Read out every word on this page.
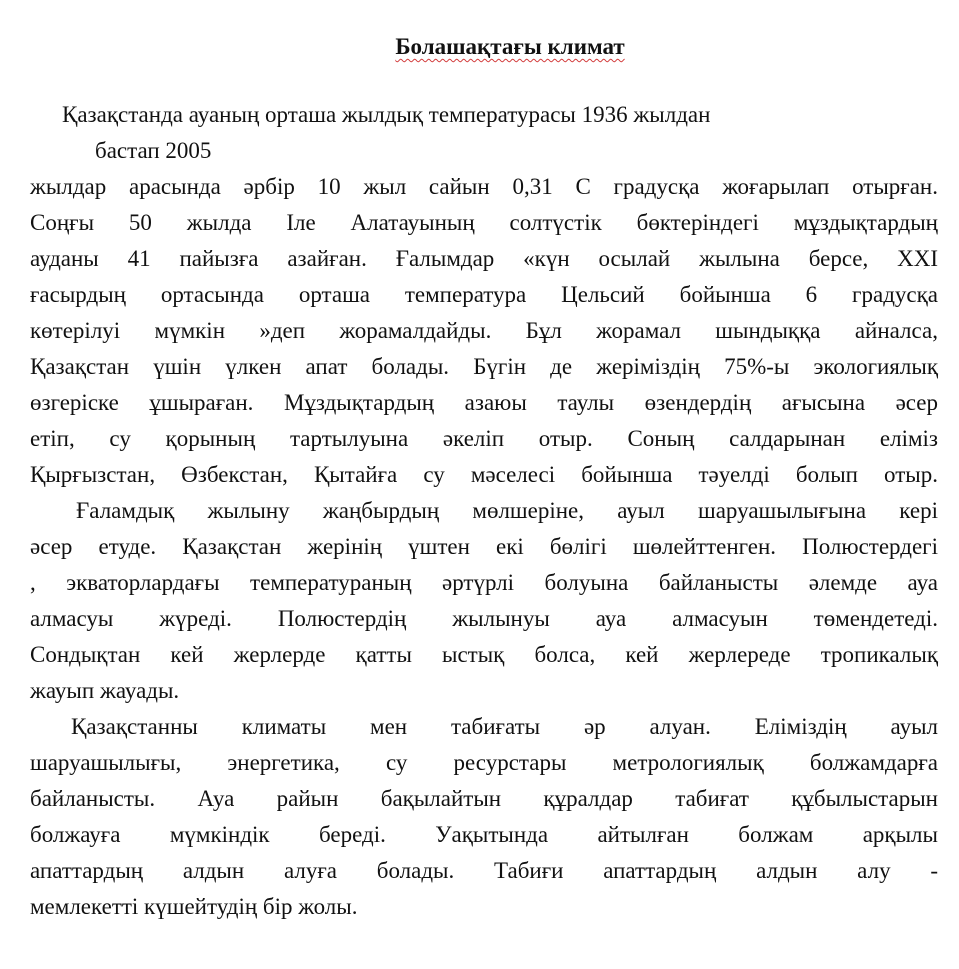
Болашақтағы климат
Қазақстанда ауаның орташа жылдық температурасы 1936 жылдан
бастап 2005
жылдар арасында әрбір 10 жыл сайын 0,31 С градусқа жоғарылап отырған.
Соңғы 50 жылда Іле Алатауының солтүстік бөктеріндегі мұздықтардың
ауданы 41 пайызға азайған. Ғалымдар «күн осылай жылына берсе, XXI
ғасырдың ортасында орташа температура Цельсий бойынша 6 градусқа
көтерілуі мүмкін »деп жорамалдайды. Бұл жорамал шындыққа айналса,
Қазақстан үшін үлкен апат болады. Бүгін де жеріміздің 75%-ы экологиялық
өзгеріске ұшыраған. Мұздықтардың азаюы таулы өзендердің ағысына әсер
етіп, су қорының тартылуына әкеліп отыр. Соның салдарынан еліміз
Қырғызстан, Өзбекстан, Қытайға су мәселесі бойынша тәуелді болып отыр.
Ғаламдық жылыну жаңбырдың мөлшеріне, ауыл шаруашылығына кері
әсер етуде. Қазақстан жерінің үштен екі бөлігі шөлейттенген. Полюстердегі
, экваторлардағы температураның әртүрлі болуына байланысты әлемде ауа
алмасуы жүреді. Полюстердің жылынуы ауа алмасуын төмендетеді.
Сондықтан кей жерлерде қатты ыстық болса, кей жерлереде тропикалық
жауып жауады.
Қазақстанны климаты мен табиғаты әр алуан. Еліміздің ауыл
шаруашылығы, энергетика, су ресурстары метрологиялық болжамдарға
байланысты. Ауа райын бақылайтын құралдар табиғат құбылыстарын
болжауға мүмкіндік береді. Уақытында айтылған болжам арқылы
апаттардың алдын алуға болады. Табиғи апаттардың алдын алу -
мемлекетті күшейтудің бір жолы.
